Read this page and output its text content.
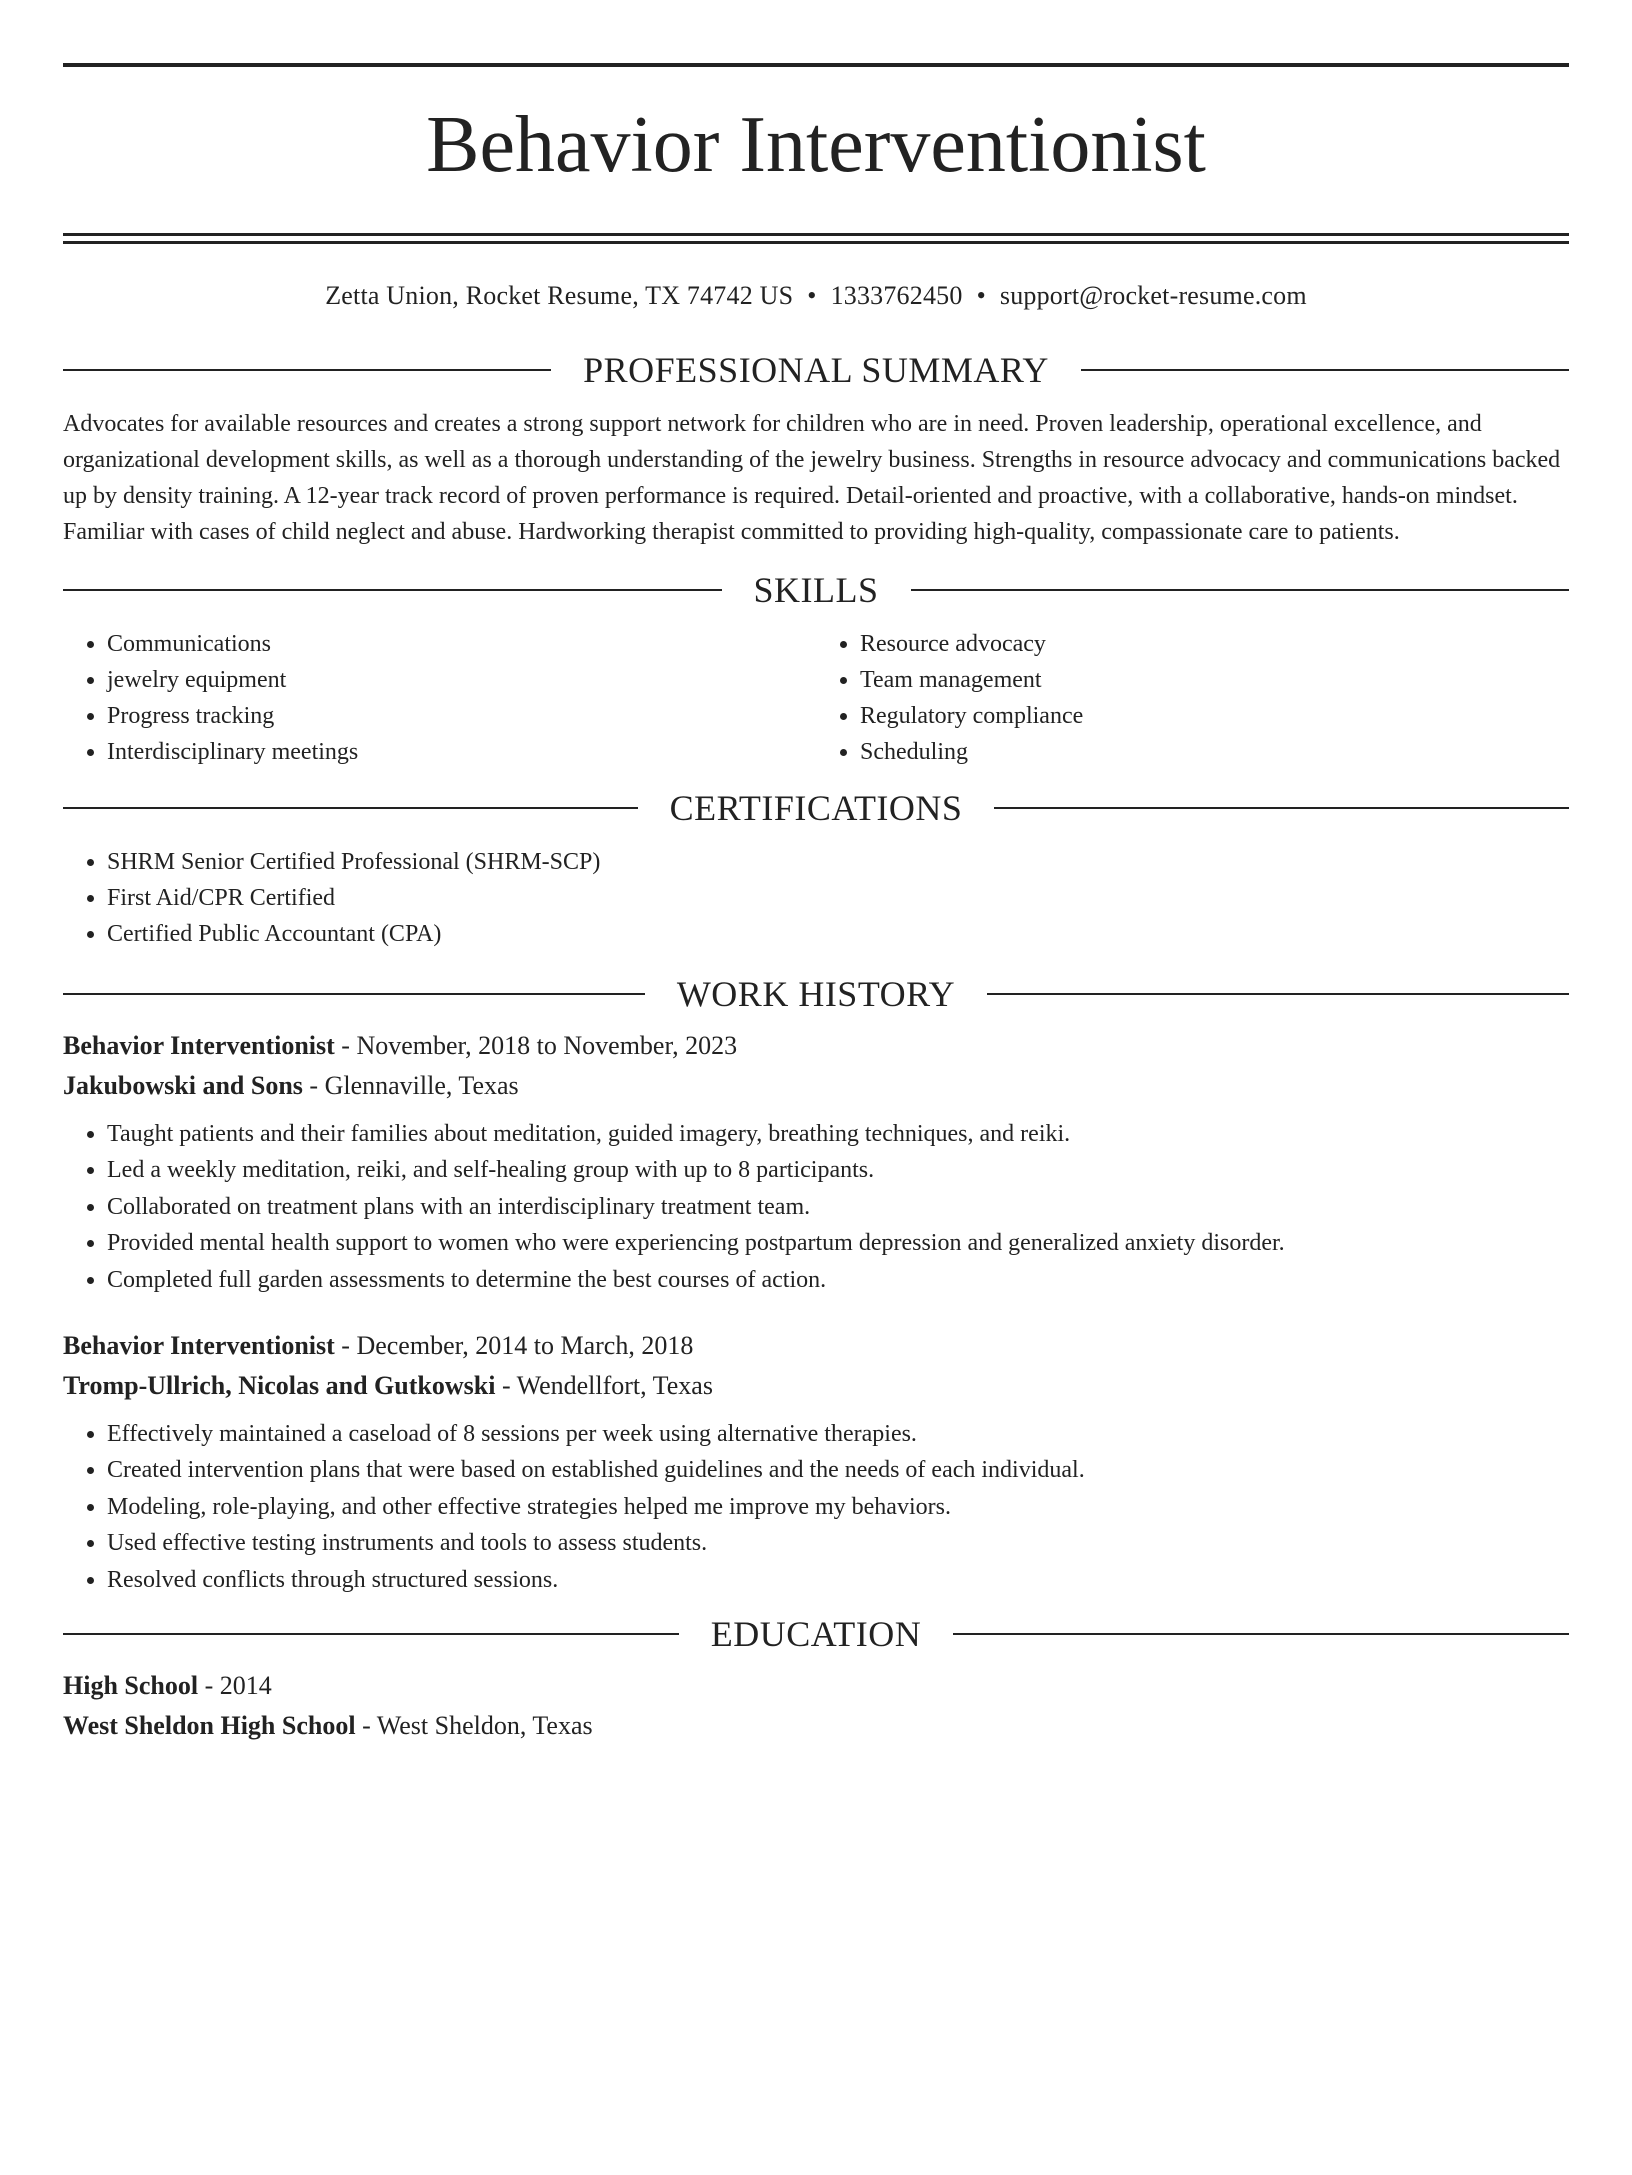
Behavior Interventionist
Zetta Union, Rocket Resume, TX 74742 US • 1333762450 • support@rocket-resume.com
PROFESSIONAL SUMMARY

Advocates for available resources and creates a strong support network for children who are in need. Proven leadership, operational excellence, and organizational development skills, as well as a thorough understanding of the jewelry business. Strengths in resource advocacy and communications backed up by density training. A 12-year track record of proven performance is required. Detail-oriented and proactive, with a collaborative, hands-on mindset. Familiar with cases of child neglect and abuse. Hardworking therapist committed to providing high-quality, compassionate care to patients.

SKILLS
• Communications
• jewelry equipment
• Progress tracking
• Interdisciplinary meetings
• Resource advocacy
• Team management
• Regulatory compliance
• Scheduling
CERTIFICATIONS
• SHRM Senior Certified Professional (SHRM-SCP)
• First Aid/CPR Certified
• Certified Public Accountant (CPA)
WORK HISTORY
Behavior Interventionist - November, 2018 to November, 2023
Jakubowski and Sons - Glennaville, Texas
• Taught patients and their families about meditation, guided imagery, breathing techniques, and reiki.
• Led a weekly meditation, reiki, and self-healing group with up to 8 participants.
• Collaborated on treatment plans with an interdisciplinary treatment team.
• Provided mental health support to women who were experiencing postpartum depression and generalized anxiety disorder.
• Completed full garden assessments to determine the best courses of action.
Behavior Interventionist - December, 2014 to March, 2018
Tromp-Ullrich, Nicolas and Gutkowski - Wendellfort, Texas
• Effectively maintained a caseload of 8 sessions per week using alternative therapies.
• Created intervention plans that were based on established guidelines and the needs of each individual.
• Modeling, role-playing, and other effective strategies helped me improve my behaviors.
• Used effective testing instruments and tools to assess students.
• Resolved conflicts through structured sessions.
EDUCATION
High School - 2014
West Sheldon High School - West Sheldon, Texas
